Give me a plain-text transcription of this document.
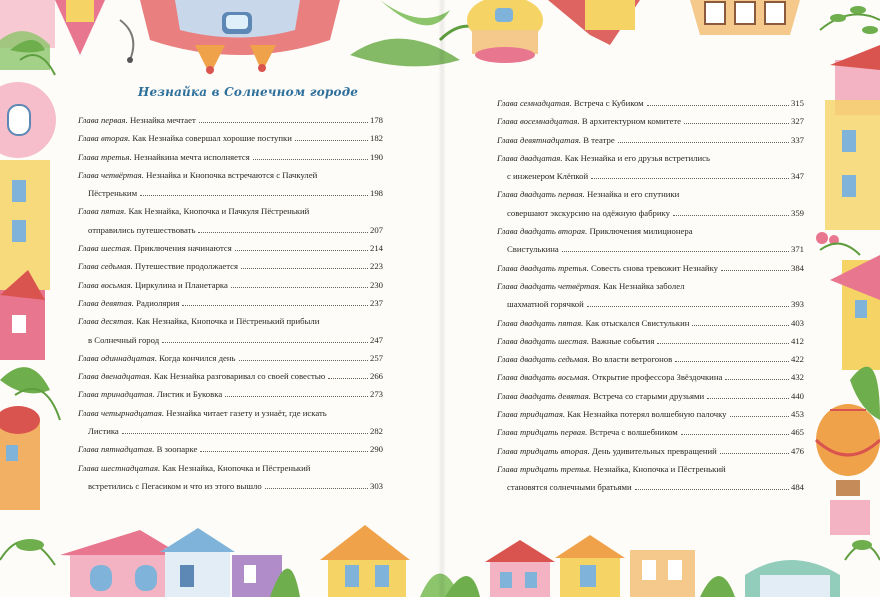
Незнайка в Солнечном городе
Глава первая.
Незнайка мечтает	178
Глава вторая.
Как Незнайка совершал хорошие поступки	182
Глава третья.
Незнайкина мечта исполняется	190
Глава четвёртая.
Незнайка и Кнопочка встречаются с Пачкулей
Пёстреньким	198
Глава пятая.
Как Незнайка, Кнопочка и Пачкуля Пёстренький
отправились путешествовать	207
Глава шестая.
Приключения начинаются	214
Глава седьмая.
Путешествие продолжается	223
Глава восьмая.
Циркулина и Планетарка	230
Глава девятая.
Радиолярия	237
Глава десятая.
Как Незнайка, Кнопочка и Пёстренький прибыли
в Солнечный город	247
Глава одиннадцатая.
Когда кончился день	257
Глава двенадцатая.
Как Незнайка разговаривал со своей совестью	266
Глава тринадцатая.
Листик и Буковка	273
Глава четырнадцатая.
Незнайка читает газету и узнаёт, где искать
Листика	282
Глава пятнадцатая.
В зоопарке	290
Глава шестнадцатая.
Как Незнайка, Кнопочка и Пёстренький
встретились с Пегасиком и что из этого вышло	303
Глава семнадцатая.
Встреча с Кубиком	315
Глава восемнадцатая.
В архитектурном комитете	327
Глава девятнадцатая.
В театре	337
Глава двадцатая.
Как Незнайка и его друзья встретились
с инженером Клёпкой	347
Глава двадцать первая.
Незнайка и его спутники
совершают экскурсию на одёжную фабрику	359
Глава двадцать вторая.
Приключения милиционера
Свистулькина	371
Глава двадцать третья.
Совесть снова тревожит Незнайку	384
Глава двадцать четвёртая.
Как Незнайка заболел
шахматной горячкой	393
Глава двадцать пятая.
Как отыскался Свистулькин	403
Глава двадцать шестая.
Важные события	412
Глава двадцать седьмая.
Во власти ветрогонов	422
Глава двадцать восьмая.
Открытие профессора Звёздочкина	432
Глава двадцать девятая.
Встреча со старыми друзьями	440
Глава тридцатая.
Как Незнайка потерял волшебную палочку	453
Глава тридцать первая.
Встреча с волшебником	465
Глава тридцать вторая.
День удивительных превращений	476
Глава тридцать третья.
Незнайка, Кнопочка и Пёстренький
становятся солнечными братьями	484
